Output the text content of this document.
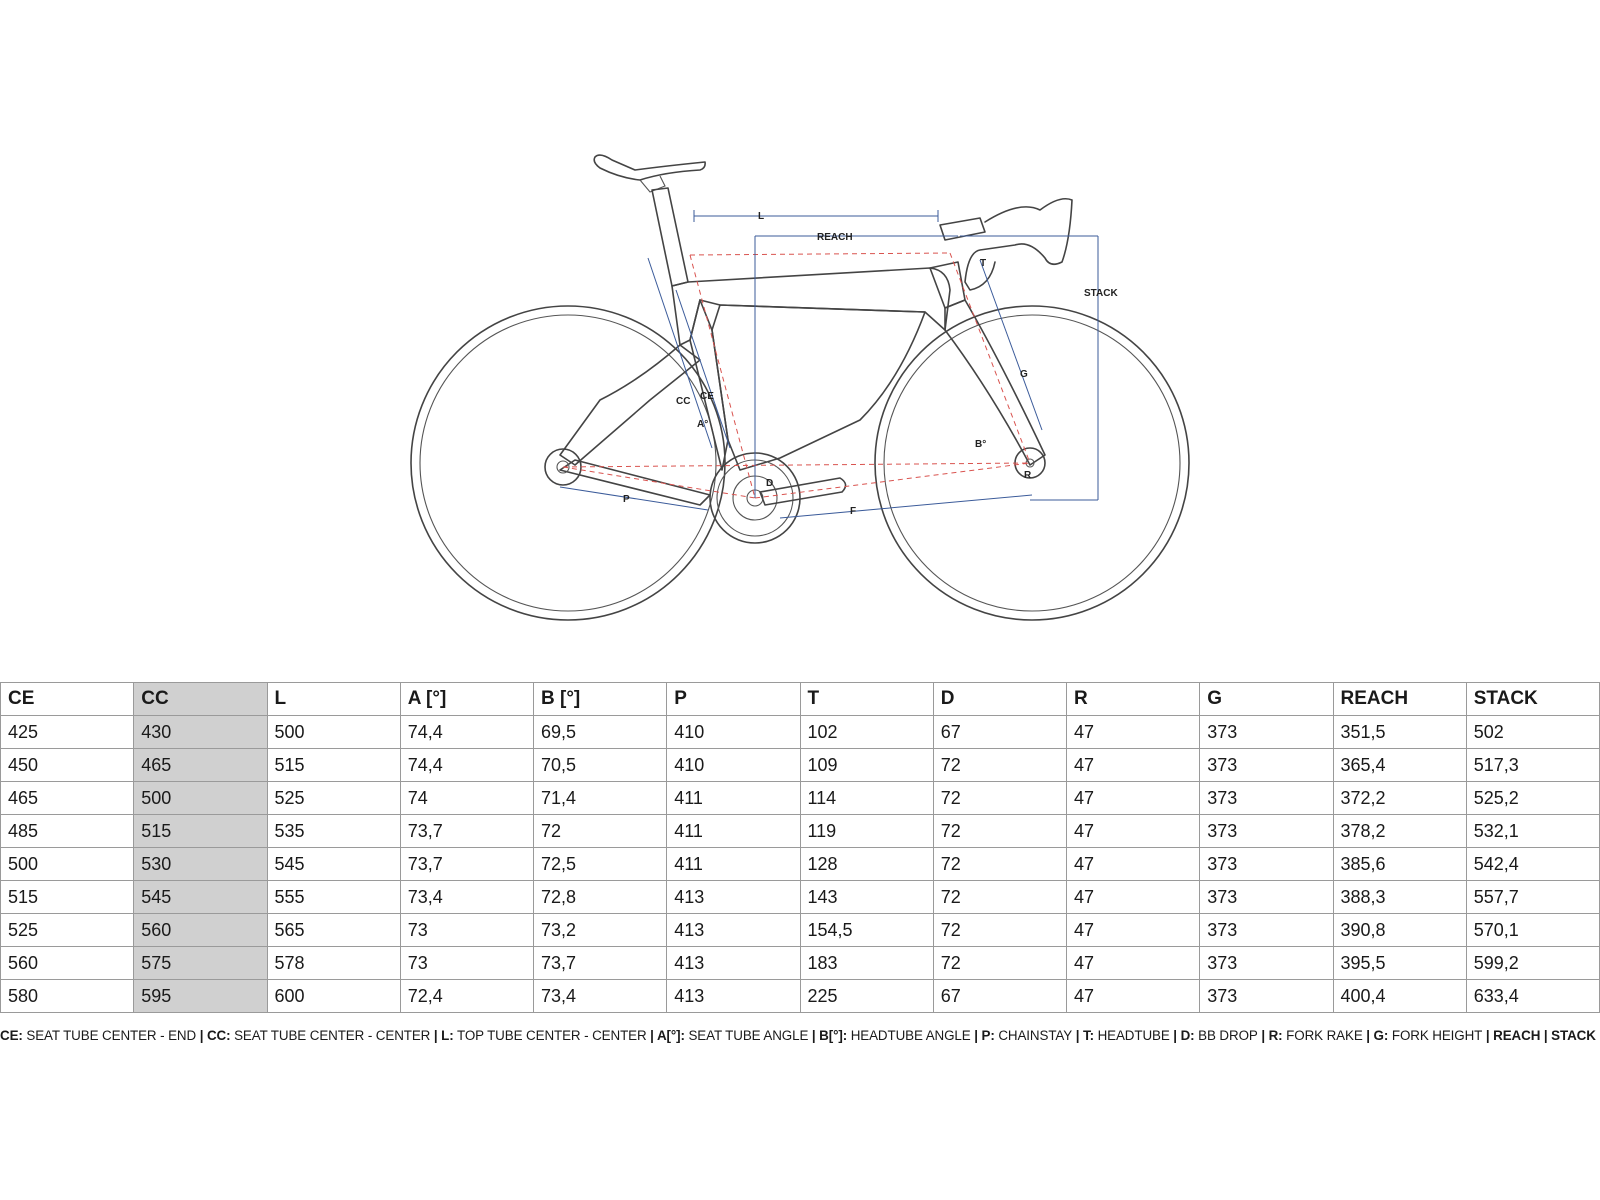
L
REACH
STACK
T
G
CC CE
A°
B°
D
R
P
F
CE	CC	L	A [°]	B [°]	P	T	D	R	G	REACH	STACK
425	430	500	74,4	69,5	410	102	67	47	373	351,5	502
450	465	515	74,4	70,5	410	109	72	47	373	365,4	517,3
465	500	525	74	71,4	411	114	72	47	373	372,2	525,2
485	515	535	73,7	72	411	119	72	47	373	378,2	532,1
500	530	545	73,7	72,5	411	128	72	47	373	385,6	542,4
515	545	555	73,4	72,8	413	143	72	47	373	388,3	557,7
525	560	565	73	73,2	413	154,5	72	47	373	390,8	570,1
560	575	578	73	73,7	413	183	72	47	373	395,5	599,2
580	595	600	72,4	73,4	413	225	67	47	373	400,4	633,4
CE: SEAT TUBE CENTER - END | CC: SEAT TUBE CENTER - CENTER | L: TOP TUBE CENTER - CENTER | A[°]: SEAT TUBE ANGLE | B[°]: HEADTUBE ANGLE | P: CHAINSTAY | T: HEADTUBE | D: BB DROP | R: FORK RAKE | G: FORK HEIGHT | REACH | STACK
